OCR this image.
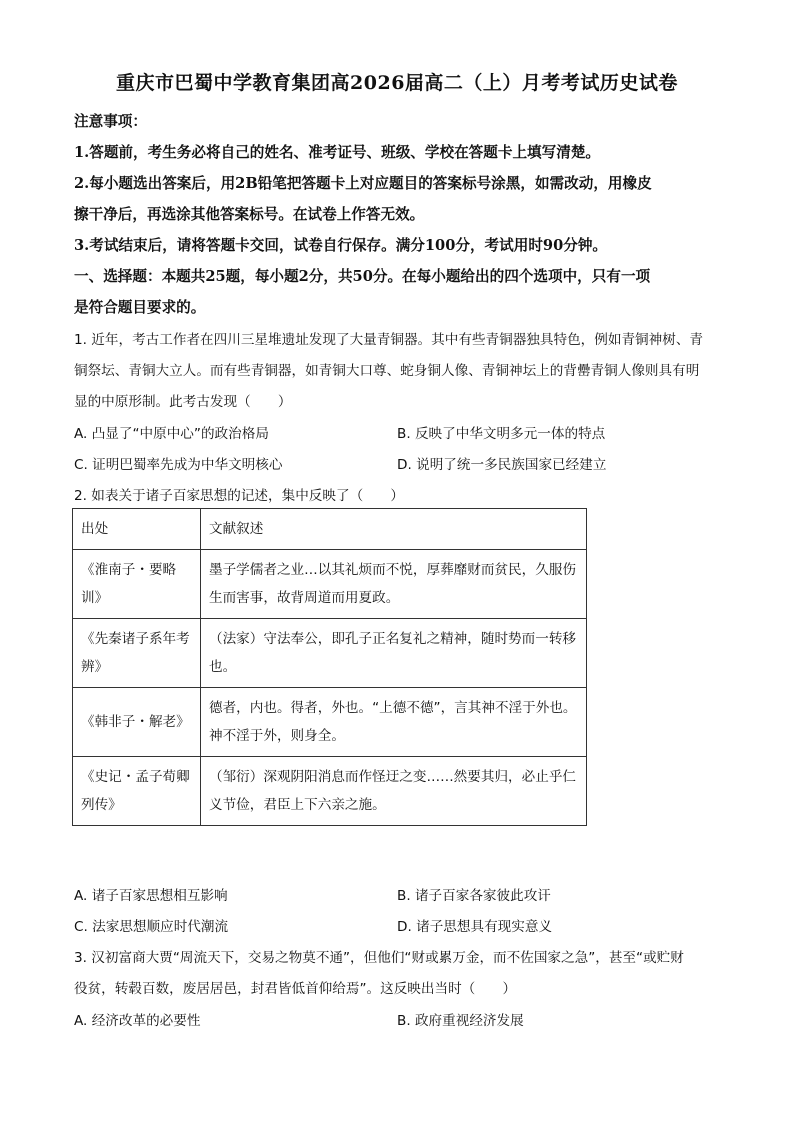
重庆市巴蜀中学教育集团高2026届高二（上）月考考试历史试卷
注意事项：
1.答题前，考生务必将自己的姓名、准考证号、班级、学校在答题卡上填写清楚。
2.每小题选出答案后，用2B铅笔把答题卡上对应题目的答案标号涂黑，如需改动，用橡皮
擦干净后，再选涂其他答案标号。在试卷上作答无效。
3.考试结束后，请将答题卡交回，试卷自行保存。满分100分，考试用时90分钟。
一、选择题：本题共25题，每小题2分，共50分。在每小题给出的四个选项中，只有一项
是符合题目要求的。
1. 近年，考古工作者在四川三星堆遗址发现了大量青铜器。其中有些青铜器独具特色，例如青铜神树、青
铜祭坛、青铜大立人。而有些青铜器，如青铜大口尊、蛇身铜人像、青铜神坛上的背罍青铜人像则具有明
显的中原形制。此考古发现（　　）
A. 凸显了“中原中心”的政治格局	B. 反映了中华文明多元一体的特点
C. 证明巴蜀率先成为中华文明核心	D. 说明了统一多民族国家已经建立
2. 如表关于诸子百家思想的记述，集中反映了（　　）
出处	文献叙述
《淮南子・要略训》	墨子学儒者之业…以其礼烦而不悦，厚葬靡财而贫民，久服伤生而害事，故背周道而用夏政。
《先秦诸子系年考辨》	（法家）守法奉公，即孔子正名复礼之精神，随时势而一转移也。
《韩非子・解老》	德者，内也。得者，外也。“上德不德”，言其神不淫于外也。神不淫于外，则身全。
《史记・孟子荀卿列传》	（邹衍）深观阴阳消息而作怪迂之变……然要其归，必止乎仁义节俭，君臣上下六亲之施。
A. 诸子百家思想相互影响	B. 诸子百家各家彼此攻讦
C. 法家思想顺应时代潮流	D. 诸子思想具有现实意义
3. 汉初富商大贾“周流天下，交易之物莫不通”，但他们“财或累万金，而不佐国家之急”，甚至“或贮财
役贫，转毂百数，废居居邑，封君皆低首仰给焉”。这反映出当时（　　）
A. 经济改革的必要性	B. 政府重视经济发展
